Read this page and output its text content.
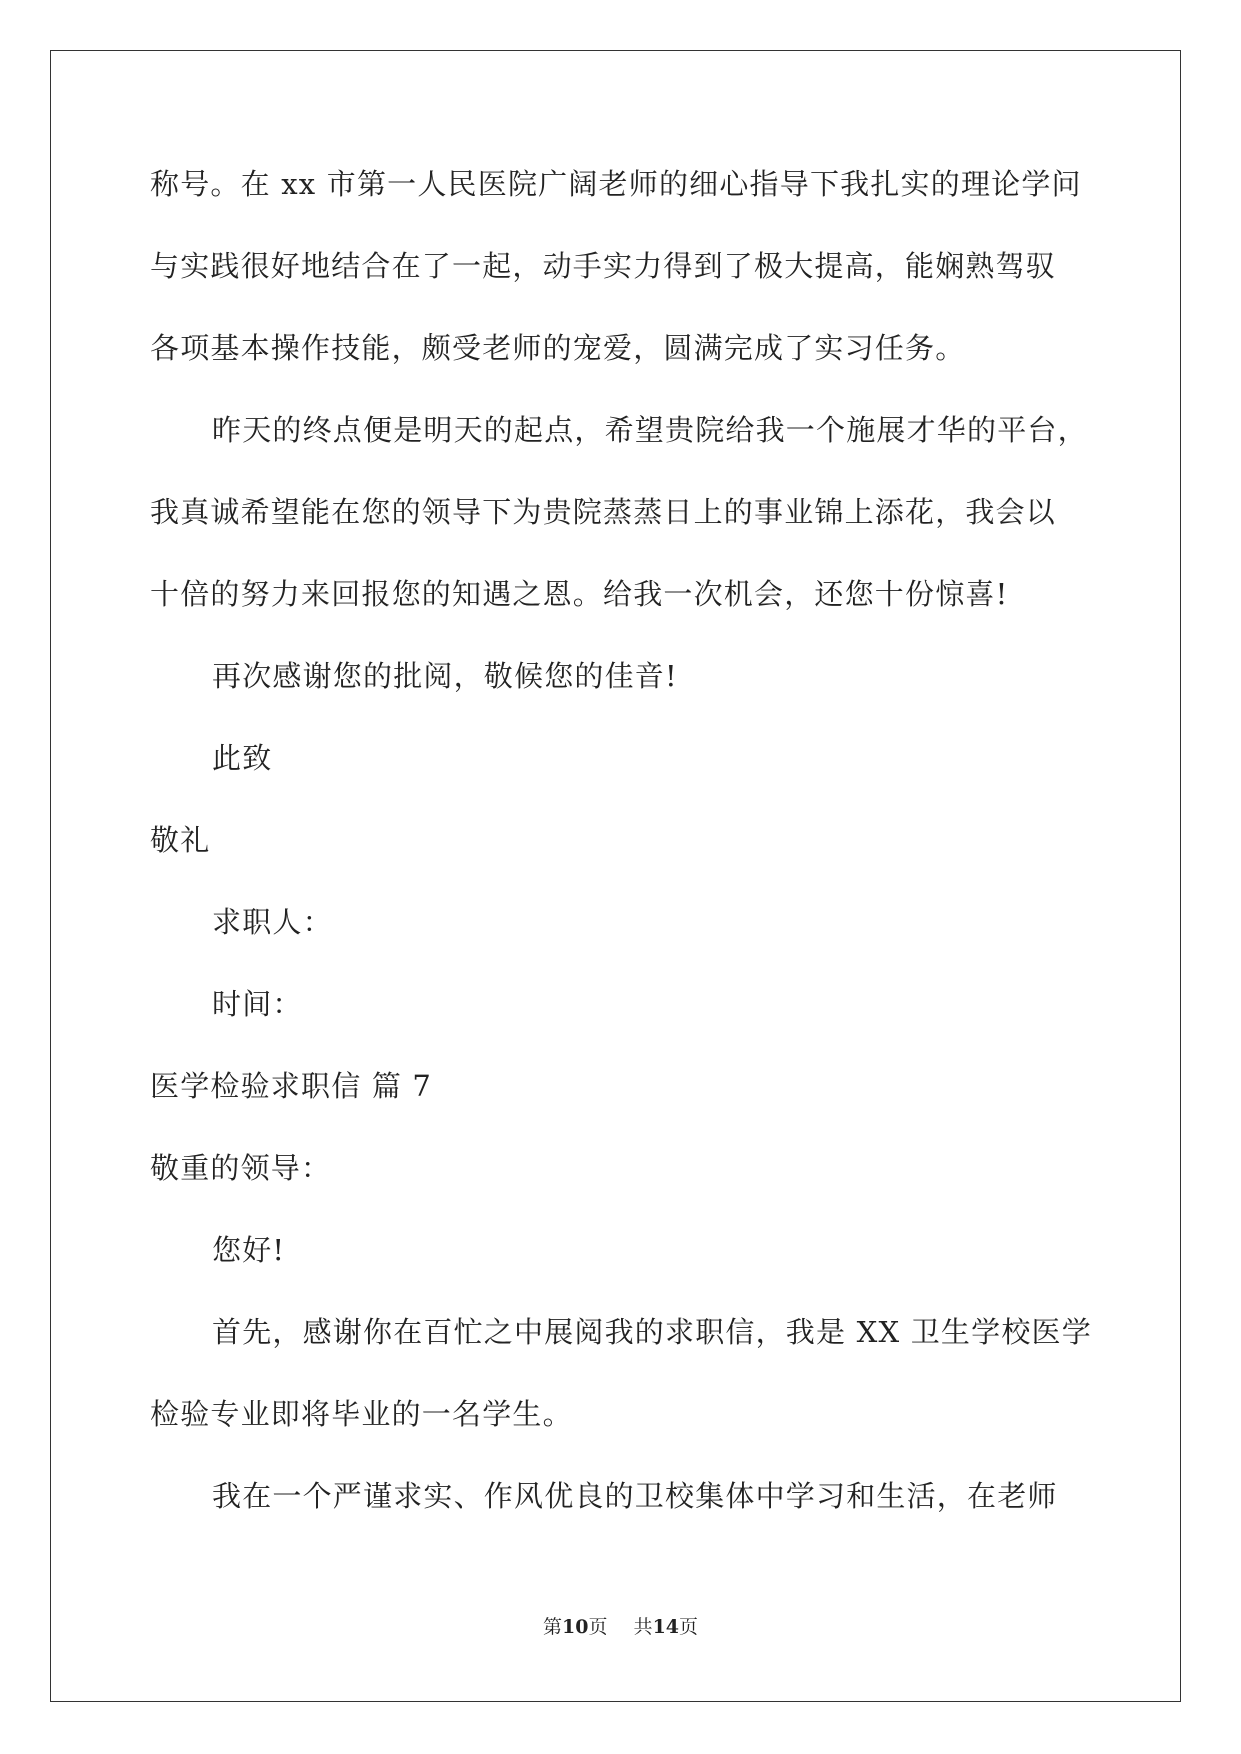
称号。在 xx 市第一人民医院广阔老师的细心指导下我扎实的理论学问
与实践很好地结合在了一起，动手实力得到了极大提高，能娴熟驾驭
各项基本操作技能，颇受老师的宠爱，圆满完成了实习任务。
昨天的终点便是明天的起点，希望贵院给我一个施展才华的平台，
我真诚希望能在您的领导下为贵院蒸蒸日上的事业锦上添花，我会以
十倍的努力来回报您的知遇之恩。给我一次机会，还您十份惊喜!
再次感谢您的批阅，敬候您的佳音!
此致
敬礼
求职人：
时间：
医学检验求职信 篇 7
敬重的领导：
您好!
首先，感谢你在百忙之中展阅我的求职信，我是 XX 卫生学校医学
检验专业即将毕业的一名学生。
我在一个严谨求实、作风优良的卫校集体中学习和生活，在老师
第10页 共14页
